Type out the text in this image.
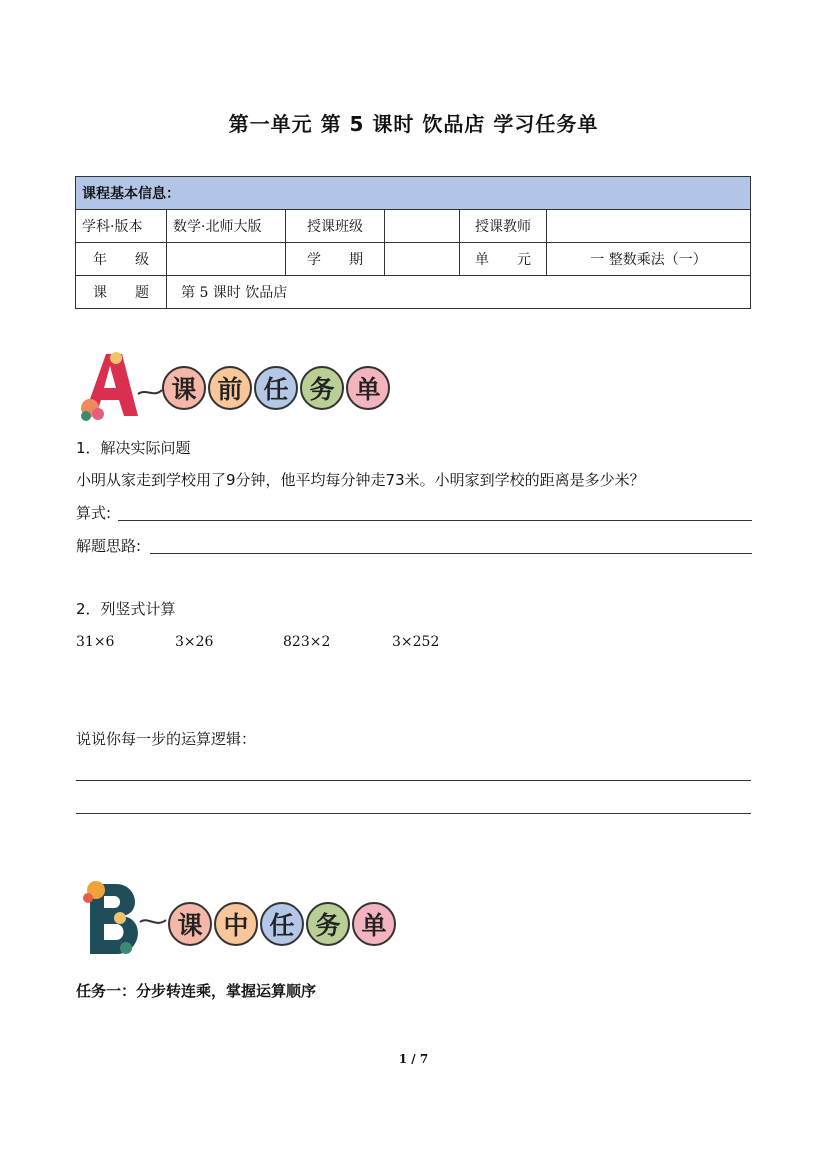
第一单元 第 5 课时 饮品店 学习任务单
课程基本信息：					
学科·版本	数学·北师大版	授课班级		授课教师	
年　　级		学　　期		单　　元	一 整数乘法（一）
课　　题	第 5 课时 饮品店				
课 前 任 务 单
1．解决实际问题
小明从家走到学校用了9分钟，他平均每分钟走73米。小明家到学校的距离是多少米？
算式:
解题思路:
2．列竖式计算
31×6	3×26	823×2	3×252
说说你每一步的运算逻辑：
课 中 任 务 单
任务一：分步转连乘，掌握运算顺序
1 / 7
